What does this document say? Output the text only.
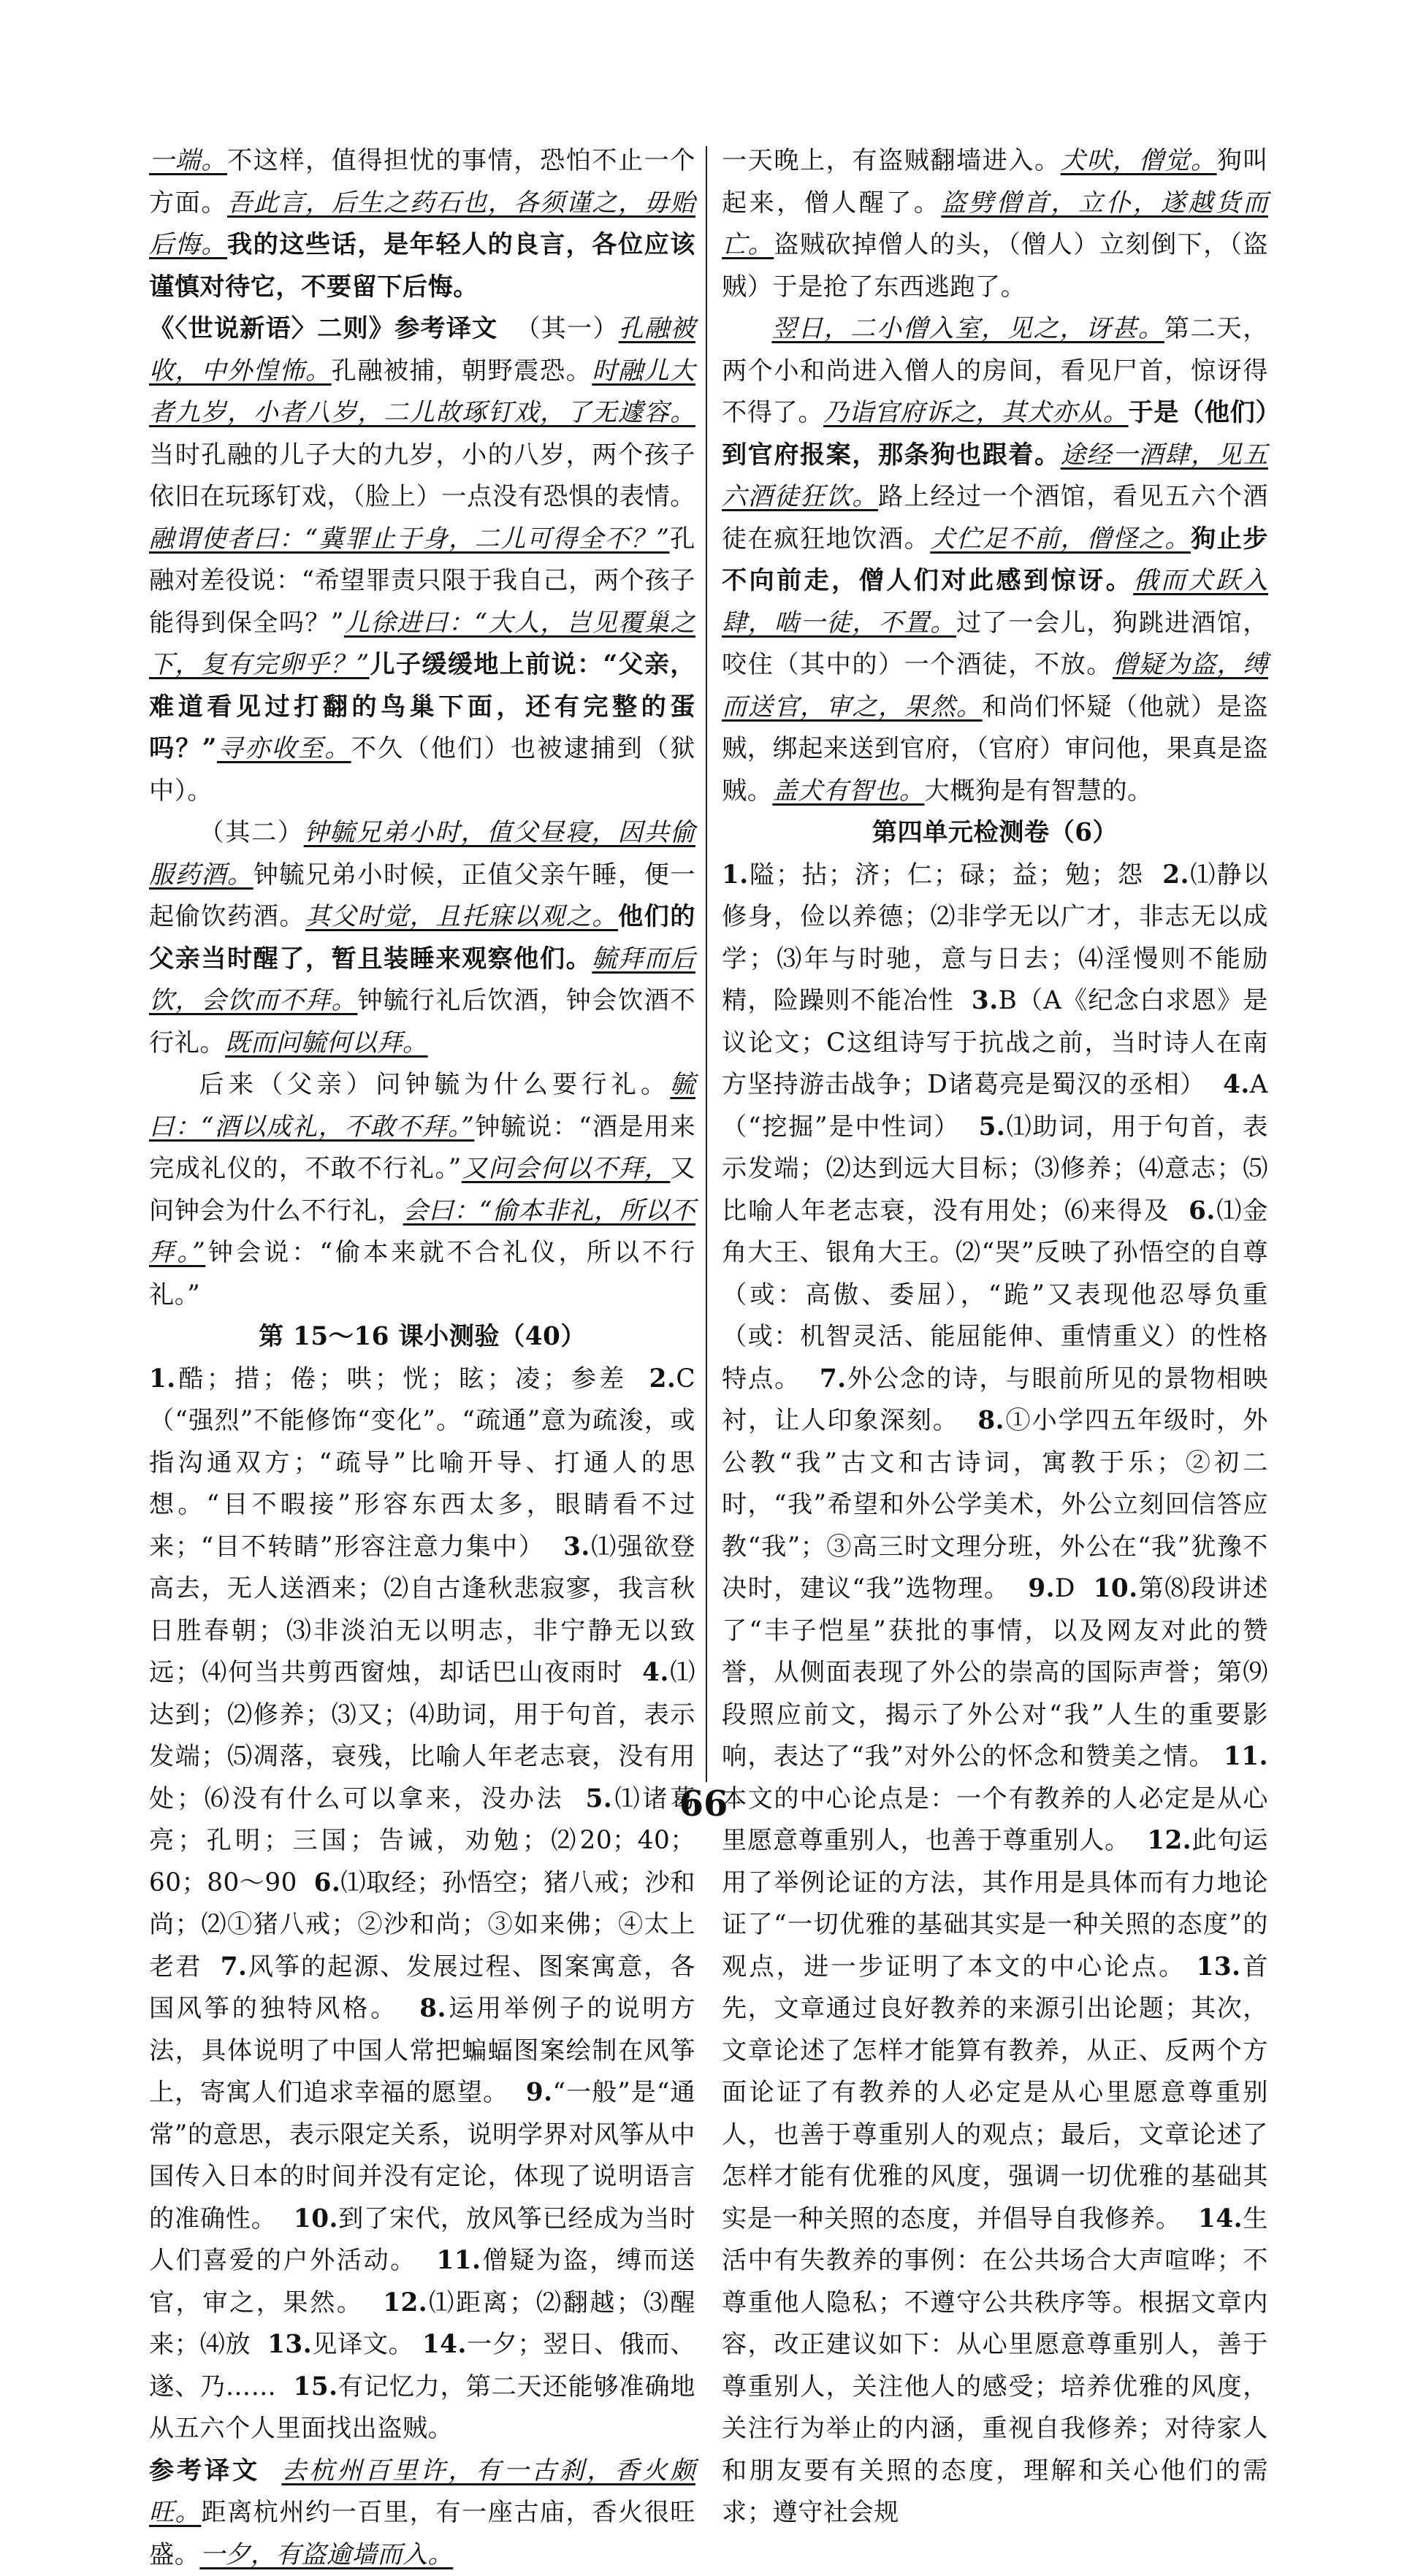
一端。不这样，值得担忧的事情，恐怕不止一个方面。吾此言，后生之药石也，各须谨之，毋贻后悔。我的这些话，是年轻人的良言，各位应该谨慎对待它，不要留下后悔。

《〈世说新语〉二则》参考译文 （其一）孔融被收，中外惶怖。孔融被捕，朝野震恐。时融儿大者九岁，小者八岁，二儿故琢钉戏，了无遽容。当时孔融的儿子大的九岁，小的八岁，两个孩子依旧在玩琢钉戏，（脸上）一点没有恐惧的表情。融谓使者曰：“冀罪止于身，二儿可得全不？”孔融对差役说：“希望罪责只限于我自己，两个孩子能得到保全吗？”儿徐进曰：“大人，岂见覆巢之下，复有完卵乎？”儿子缓缓地上前说：“父亲，难道看见过打翻的鸟巢下面，还有完整的蛋吗？”寻亦收至。不久（他们）也被逮捕到（狱中）。

（其二）钟毓兄弟小时，值父昼寝，因共偷服药酒。钟毓兄弟小时候，正值父亲午睡，便一起偷饮药酒。其父时觉，且托寐以观之。他们的父亲当时醒了，暂且装睡来观察他们。毓拜而后饮，会饮而不拜。钟毓行礼后饮酒，钟会饮酒不行礼。既而问毓何以拜。

后来（父亲）问钟毓为什么要行礼。毓曰：“酒以成礼，不敢不拜。”钟毓说：“酒是用来完成礼仪的，不敢不行礼。”又问会何以不拜，又问钟会为什么不行礼，会曰：“偷本非礼，所以不拜。”钟会说：“偷本来就不合礼仪，所以不行礼。”

第 15～16 课小测验（40）

1.酷；措；倦；哄；恍；眩；凌；参差 2.C（“强烈”不能修饰“变化”。“疏通”意为疏浚，或指沟通双方；“疏导”比喻开导、打通人的思想。“目不暇接”形容东西太多，眼睛看不过来；“目不转睛”形容注意力集中） 3.⑴强欲登高去，无人送酒来；⑵自古逢秋悲寂寥，我言秋日胜春朝；⑶非淡泊无以明志，非宁静无以致远；⑷何当共剪西窗烛，却话巴山夜雨时 4.⑴达到；⑵修养；⑶又；⑷助词，用于句首，表示发端；⑸凋落，衰残，比喻人年老志衰，没有用处；⑹没有什么可以拿来，没办法 5.⑴诸葛亮；孔明；三国；告诫，劝勉；⑵20；40；60；80～90 6.⑴取经；孙悟空；猪八戒；沙和尚；⑵①猪八戒；②沙和尚；③如来佛；④太上老君 7.风筝的起源、发展过程、图案寓意，各国风筝的独特风格。 8.运用举例子的说明方法，具体说明了中国人常把蝙蝠图案绘制在风筝上，寄寓人们追求幸福的愿望。 9.“一般”是“通常”的意思，表示限定关系，说明学界对风筝从中国传入日本的时间并没有定论，体现了说明语言的准确性。 10.到了宋代，放风筝已经成为当时人们喜爱的户外活动。 11.僧疑为盗，缚而送官，审之，果然。 12.⑴距离；⑵翻越；⑶醒来；⑷放 13.见译文。 14.一夕；翌日、俄而、遂、乃…… 15.有记忆力，第二天还能够准确地从五六个人里面找出盗贼。

参考译文 去杭州百里许，有一古刹，香火颇旺。距离杭州约一百里，有一座古庙，香火很旺盛。一夕，有盗逾墙而入。

一天晚上，有盗贼翻墙进入。犬吠，僧觉。狗叫起来，僧人醒了。盗劈僧首，立仆，遂越货而亡。盗贼砍掉僧人的头，（僧人）立刻倒下，（盗贼）于是抢了东西逃跑了。

翌日，二小僧入室，见之，讶甚。第二天，两个小和尚进入僧人的房间，看见尸首，惊讶得不得了。乃诣官府诉之，其犬亦从。于是（他们）到官府报案，那条狗也跟着。途经一酒肆，见五六酒徒狂饮。路上经过一个酒馆，看见五六个酒徒在疯狂地饮酒。犬伫足不前，僧怪之。狗止步不向前走，僧人们对此感到惊讶。俄而犬跃入肆，啮一徒，不置。过了一会儿，狗跳进酒馆，咬住（其中的）一个酒徒，不放。僧疑为盗，缚而送官，审之，果然。和尚们怀疑（他就）是盗贼，绑起来送到官府，（官府）审问他，果真是盗贼。盖犬有智也。大概狗是有智慧的。

第四单元检测卷（6）

1.隘；拈；济；仁；碌；益；勉；怨 2.⑴静以修身，俭以养德；⑵非学无以广才，非志无以成学；⑶年与时驰，意与日去；⑷淫慢则不能励精，险躁则不能冶性 3.B（A《纪念白求恩》是议论文；C这组诗写于抗战之前，当时诗人在南方坚持游击战争；D诸葛亮是蜀汉的丞相） 4.A（“挖掘”是中性词） 5.⑴助词，用于句首，表示发端；⑵达到远大目标；⑶修养；⑷意志；⑸比喻人年老志衰，没有用处；⑹来得及 6.⑴金角大王、银角大王。⑵“哭”反映了孙悟空的自尊（或：高傲、委屈），“跪”又表现他忍辱负重（或：机智灵活、能屈能伸、重情重义）的性格特点。 7.外公念的诗，与眼前所见的景物相映衬，让人印象深刻。 8.①小学四五年级时，外公教“我”古文和古诗词，寓教于乐；②初二时，“我”希望和外公学美术，外公立刻回信答应教“我”；③高三时文理分班，外公在“我”犹豫不决时，建议“我”选物理。 9.D 10.第⑻段讲述了“丰子恺星”获批的事情，以及网友对此的赞誉，从侧面表现了外公的崇高的国际声誉；第⑼段照应前文，揭示了外公对“我”人生的重要影响，表达了“我”对外公的怀念和赞美之情。 11.本文的中心论点是：一个有教养的人必定是从心里愿意尊重别人，也善于尊重别人。 12.此句运用了举例论证的方法，其作用是具体而有力地论证了“一切优雅的基础其实是一种关照的态度”的观点，进一步证明了本文的中心论点。 13.首先，文章通过良好教养的来源引出论题；其次，文章论述了怎样才能算有教养，从正、反两个方面论证了有教养的人必定是从心里愿意尊重别人，也善于尊重别人的观点；最后，文章论述了怎样才能有优雅的风度，强调一切优雅的基础其实是一种关照的态度，并倡导自我修养。 14.生活中有失教养的事例：在公共场合大声喧哗；不尊重他人隐私；不遵守公共秩序等。根据文章内容，改正建议如下：从心里愿意尊重别人，善于尊重别人，关注他人的感受；培养优雅的风度，关注行为举止的内涵，重视自我修养；对待家人和朋友要有关照的态度，理解和关心他们的需求；遵守社会规

66
